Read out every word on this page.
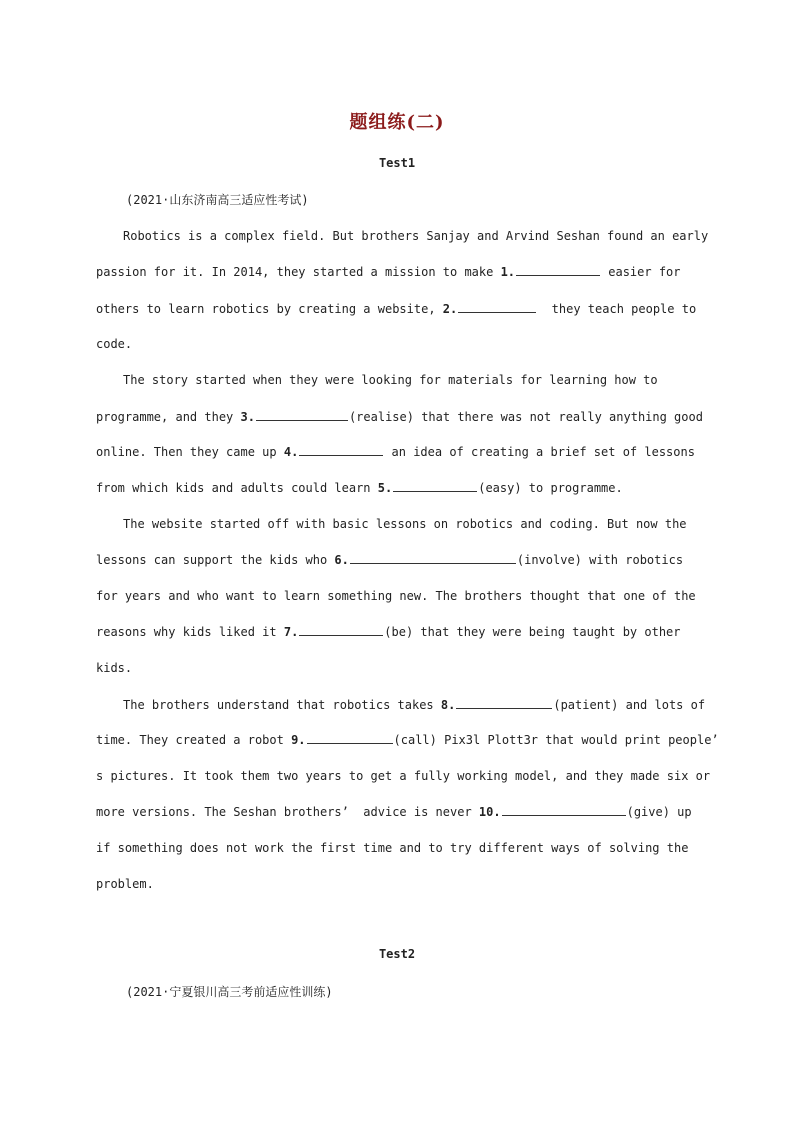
题组练(二)
Test1
(2021·山东济南高三适应性考试)
Robotics is a complex field. But brothers Sanjay and Arvind Seshan found an early
passion for it. In 2014, they started a mission to make 1.	easier for
others to learn robotics by creating a website, 2.	they teach people to
code.
The story started when they were looking for materials for learning how to
programme, and they 3.	(realise) that there was not really anything good
online. Then they came up 4.	an idea of creating a brief set of lessons
from which kids and adults could learn 5.	(easy) to programme.
The website started off with basic lessons on robotics and coding. But now the
lessons can support the kids who 6.	(involve) with robotics
for years and who want to learn something new. The brothers thought that one of the
reasons why kids liked it 7.	(be) that they were being taught by other
kids.
The brothers understand that robotics takes 8.	(patient) and lots of
time. They created a robot 9.	(call) Pix3l Plott3r that would print people’
s pictures. It took them two years to get a fully working model, and they made six or
more versions. The Seshan brothers’  advice is never 10.	(give) up
if something does not work the first time and to try different ways of solving the
problem.
Test2
(2021·宁夏银川高三考前适应性训练)
